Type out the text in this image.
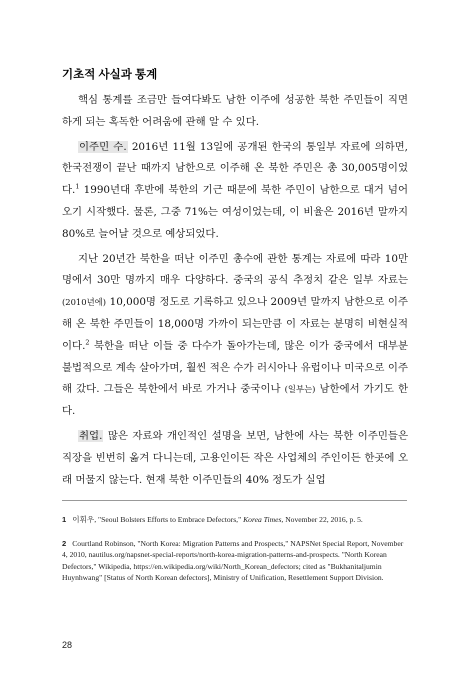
기초적 사실과 통계

핵심 통계를 조금만 들여다봐도 남한 이주에 성공한 북한 주민들이 직면하게 되는 혹독한 어려움에 관해 알 수 있다.

이주민 수. 2016년 11월 13일에 공개된 한국의 통일부 자료에 의하면, 한국전쟁이 끝난 때까지 남한으로 이주해 온 북한 주민은 총 30,005명이었다.$^1$ 1990년대 후반에 북한의 기근 때문에 북한 주민이 남한으로 대거 넘어오기 시작했다. 물론, 그중 71%는 여성이었는데, 이 비율은 2016년 말까지 80%로 늘어날 것으로 예상되었다.

지난 20년간 북한을 떠난 이주민 총수에 관한 통계는 자료에 따라 10만 명에서 30만 명까지 매우 다양하다. 중국의 공식 추정치 같은 일부 자료는 (2010년에) 10,000명 정도로 기록하고 있으나 2009년 말까지 남한으로 이주해 온 북한 주민들이 18,000명 가까이 되는만큼 이 자료는 분명히 비현실적이다.$^2$ 북한을 떠난 이들 중 다수가 돌아가는데, 많은 이가 중국에서 대부분 불법적으로 계속 살아가며, 훨씬 적은 수가 러시아나 유럽이나 미국으로 이주해 갔다. 그들은 북한에서 바로 가거나 중국이나 (일부는) 남한에서 가기도 한다.

취업. 많은 자료와 개인적인 설명을 보면, 남한에 사는 북한 이주민들은 직장을 빈번히 옮겨 다니는데, 고용인이든 작은 사업체의 주인이든 한곳에 오래 머물지 않는다. 현재 북한 이주민들의 40% 정도가 실업

1 이휘우, "Seoul Bolsters Efforts to Embrace Defectors," Korea Times, November 22, 2016, p. 5.

2 Courtland Robinson, "North Korea: Migration Patterns and Prospects," NAPSNet Special Report, November 4, 2010, nautilus.org/napsnet-special-reports/north-korea-migration-patterns-and-prospects. "North Korean Defectors," Wikipedia, https://en.wikipedia.org/wiki/North_Korean_defectors; cited as "Bukhanitaljumin Huynhwang" [Status of North Korean defectors], Ministry of Unification, Resettlement Support Division.

28
